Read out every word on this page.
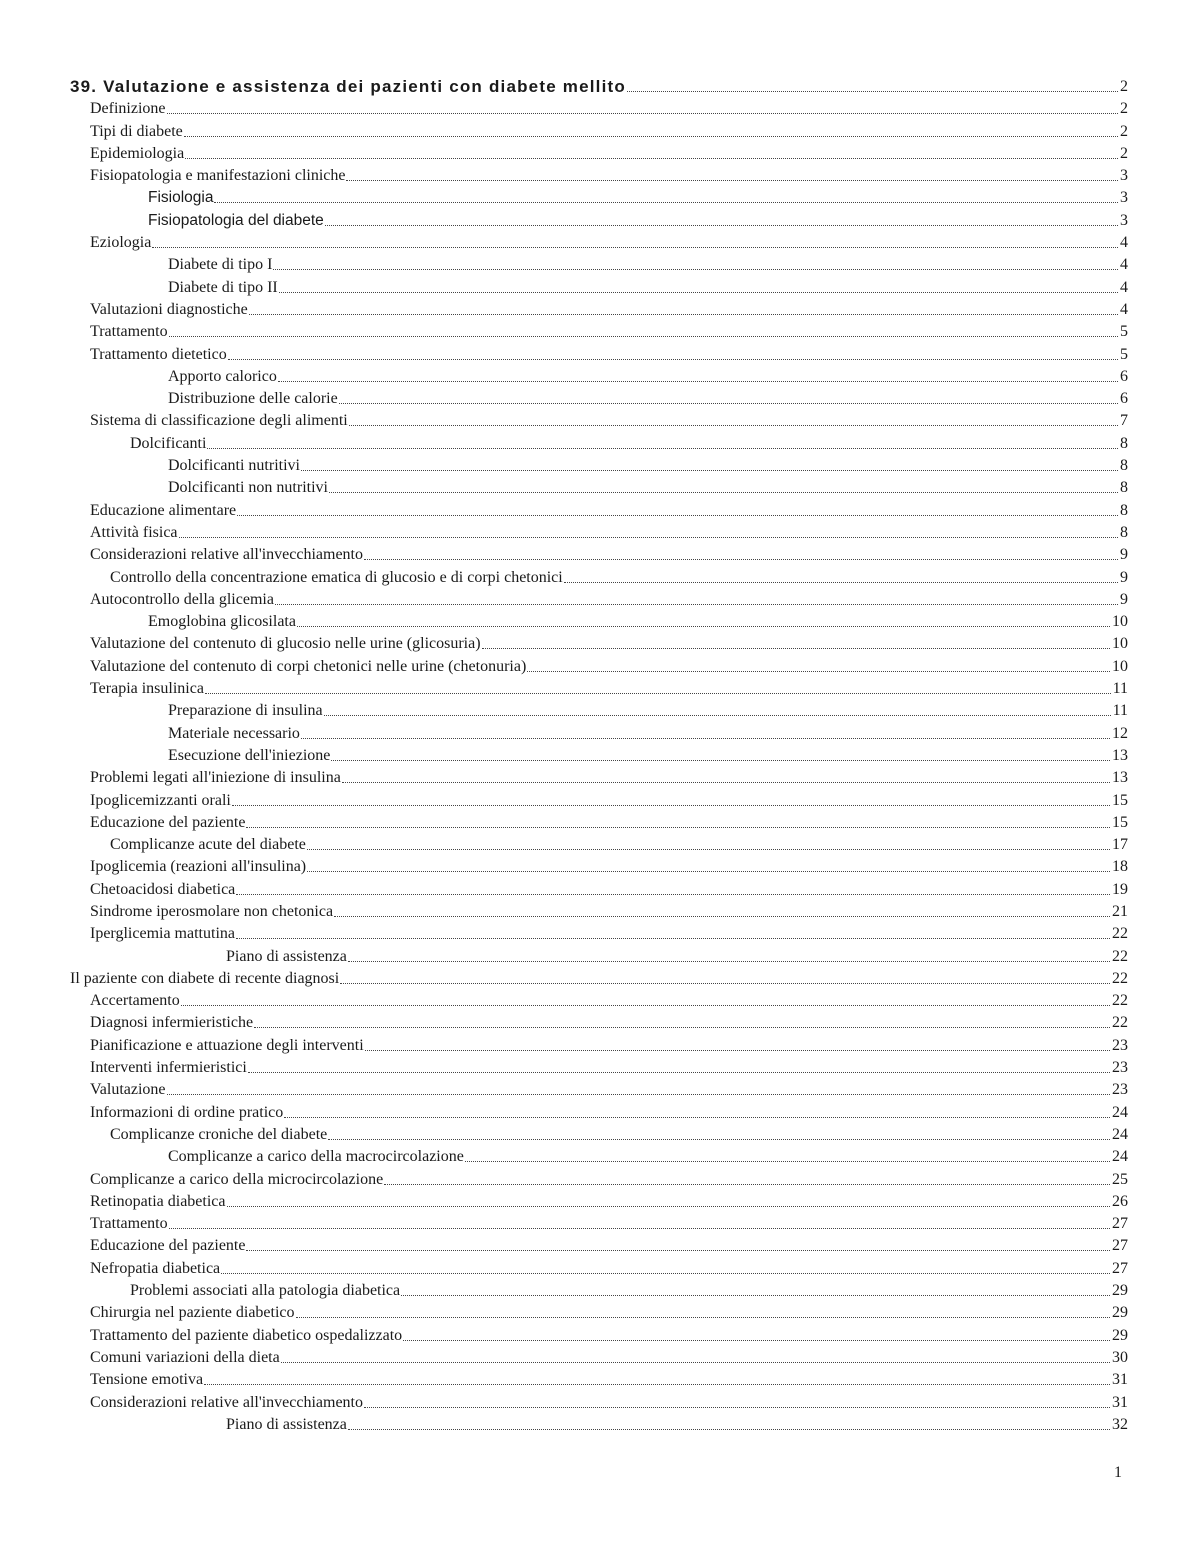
39. Valutazione e assistenza dei pazienti con diabete mellito	2
Definizione	2
Tipi di diabete	2
Epidemiologia	2
Fisiopatologia e manifestazioni cliniche	3
Fisiologia	3
Fisiopatologia del diabete	3
Eziologia	4
Diabete di tipo I	4
Diabete di tipo II	4
Valutazioni diagnostiche	4
Trattamento	5
Trattamento dietetico	5
Apporto calorico	6
Distribuzione delle calorie	6
Sistema di classificazione degli alimenti	7
Dolcificanti	8
Dolcificanti nutritivi	8
Dolcificanti non nutritivi	8
Educazione alimentare	8
Attività fisica	8
Considerazioni relative all'invecchiamento	9
Controllo della concentrazione ematica di glucosio e di corpi chetonici	9
Autocontrollo della glicemia	9
Emoglobina glicosilata	10
Valutazione del contenuto di glucosio nelle urine (glicosuria)	10
Valutazione del contenuto di corpi chetonici nelle urine (chetonuria)	10
Terapia insulinica	11
Preparazione di insulina	11
Materiale necessario	12
Esecuzione dell'iniezione	13
Problemi legati all'iniezione di insulina	13
Ipoglicemizzanti orali	15
Educazione del paziente	15
Complicanze acute del diabete	17
Ipoglicemia (reazioni all'insulina)	18
Chetoacidosi diabetica	19
Sindrome iperosmolare non chetonica	21
Iperglicemia mattutina	22
Piano di assistenza	22
Il paziente con diabete di recente diagnosi	22
Accertamento	22
Diagnosi infermieristiche	22
Pianificazione e attuazione degli interventi	23
Interventi infermieristici	23
Valutazione	23
Informazioni di ordine pratico	24
Complicanze croniche del diabete	24
Complicanze a carico della macrocircolazione	24
Complicanze a carico della microcircolazione	25
Retinopatia diabetica	26
Trattamento	27
Educazione del paziente	27
Nefropatia diabetica	27
Problemi associati alla patologia diabetica	29
Chirurgia nel paziente diabetico	29
Trattamento del paziente diabetico ospedalizzato	29
Comuni variazioni della dieta	30
Tensione emotiva	31
Considerazioni relative all'invecchiamento	31
Piano di assistenza	32
1
